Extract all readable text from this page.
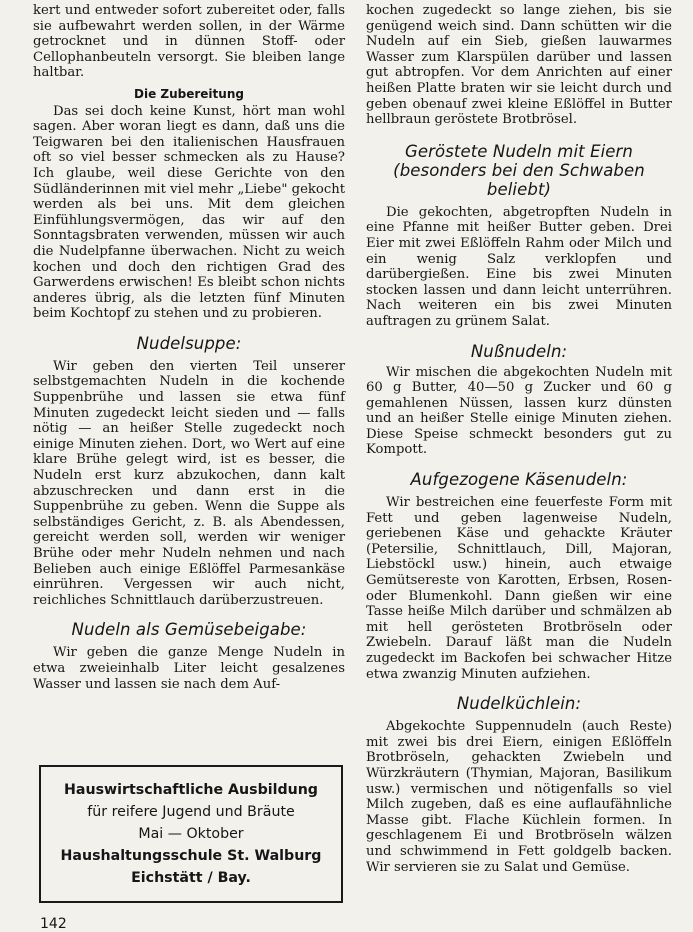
kert und entweder sofort zubereitet oder, falls sie aufbewahrt werden sollen, in der Wärme getrocknet und in dünnen Stoff- oder Cellophanbeuteln versorgt. Sie bleiben lange haltbar.

Die Zubereitung

Das sei doch keine Kunst, hört man wohl sagen. Aber woran liegt es dann, daß uns die Teigwaren bei den italienischen Hausfrauen oft so viel besser schmecken als zu Hause? Ich glaube, weil diese Gerichte von den Südländerinnen mit viel mehr „Liebe" gekocht werden als bei uns. Mit dem gleichen Einfühlungsvermögen, das wir auf den Sonntagsbraten verwenden, müssen wir auch die Nudelpfanne überwachen. Nicht zu weich kochen und doch den richtigen Grad des Garwerdens erwischen! Es bleibt schon nichts anderes übrig, als die letzten fünf Minuten beim Kochtopf zu stehen und zu probieren.

Nudelsuppe:

Wir geben den vierten Teil unserer selbstgemachten Nudeln in die kochende Suppenbrühe und lassen sie etwa fünf Minuten zugedeckt leicht sieden und — falls nötig — an heißer Stelle zugedeckt noch einige Minuten ziehen. Dort, wo Wert auf eine klare Brühe gelegt wird, ist es besser, die Nudeln erst kurz abzukochen, dann kalt abzuschrecken und dann erst in die Suppenbrühe zu geben. Wenn die Suppe als selbständiges Gericht, z. B. als Abendessen, gereicht werden soll, werden wir weniger Brühe oder mehr Nudeln nehmen und nach Belieben auch einige Eßlöffel Parmesankäse einrühren. Vergessen wir auch nicht, reichliches Schnittlauch darüberzustreuen.

Nudeln als Gemüsebeigabe:

Wir geben die ganze Menge Nudeln in etwa zweieinhalb Liter leicht gesalzenes Wasser und lassen sie nach dem Auf-

Hauswirtschaftliche Ausbildung
für reifere Jugend und Bräute
Mai — Oktober
Haushaltungsschule St. Walburg
Eichstätt / Bay.

kochen zugedeckt so lange ziehen, bis sie genügend weich sind. Dann schütten wir die Nudeln auf ein Sieb, gießen lauwarmes Wasser zum Klarspülen darüber und lassen gut abtropfen. Vor dem Anrichten auf einer heißen Platte braten wir sie leicht durch und geben obenauf zwei kleine Eßlöffel in Butter hellbraun geröstete Brotbrösel.

Geröstete Nudeln mit Eiern (besonders bei den Schwaben beliebt)

Die gekochten, abgetropften Nudeln in eine Pfanne mit heißer Butter geben. Drei Eier mit zwei Eßlöffeln Rahm oder Milch und ein wenig Salz verklopfen und darübergießen. Eine bis zwei Minuten stocken lassen und dann leicht unterrühren. Nach weiteren ein bis zwei Minuten auftragen zu grünem Salat.

Nußnudeln:

Wir mischen die abgekochten Nudeln mit 60 g Butter, 40—50 g Zucker und 60 g gemahlenen Nüssen, lassen kurz dünsten und an heißer Stelle einige Minuten ziehen. Diese Speise schmeckt besonders gut zu Kompott.

Aufgezogene Käsenudeln:

Wir bestreichen eine feuerfeste Form mit Fett und geben lagenweise Nudeln, geriebenen Käse und gehackte Kräuter (Petersilie, Schnittlauch, Dill, Majoran, Liebstöckl usw.) hinein, auch etwaige Gemütsereste von Karotten, Erbsen, Rosen- oder Blumenkohl. Dann gießen wir eine Tasse heiße Milch darüber und schmälzen ab mit hell gerösteten Brotbröseln oder Zwiebeln. Darauf läßt man die Nudeln zugedeckt im Backofen bei schwacher Hitze etwa zwanzig Minuten aufziehen.

Nudelküchlein:

Abgekochte Suppennudeln (auch Reste) mit zwei bis drei Eiern, einigen Eßlöffeln Brotbröseln, gehackten Zwiebeln und Würzkräutern (Thymian, Majoran, Basilikum usw.) vermischen und nötigenfalls so viel Milch zugeben, daß es eine auflaufähnliche Masse gibt. Flache Küchlein formen. In geschlagenem Ei und Brotbröseln wälzen und schwimmend in Fett goldgelb backen. Wir servieren sie zu Salat und Gemüse.

142
